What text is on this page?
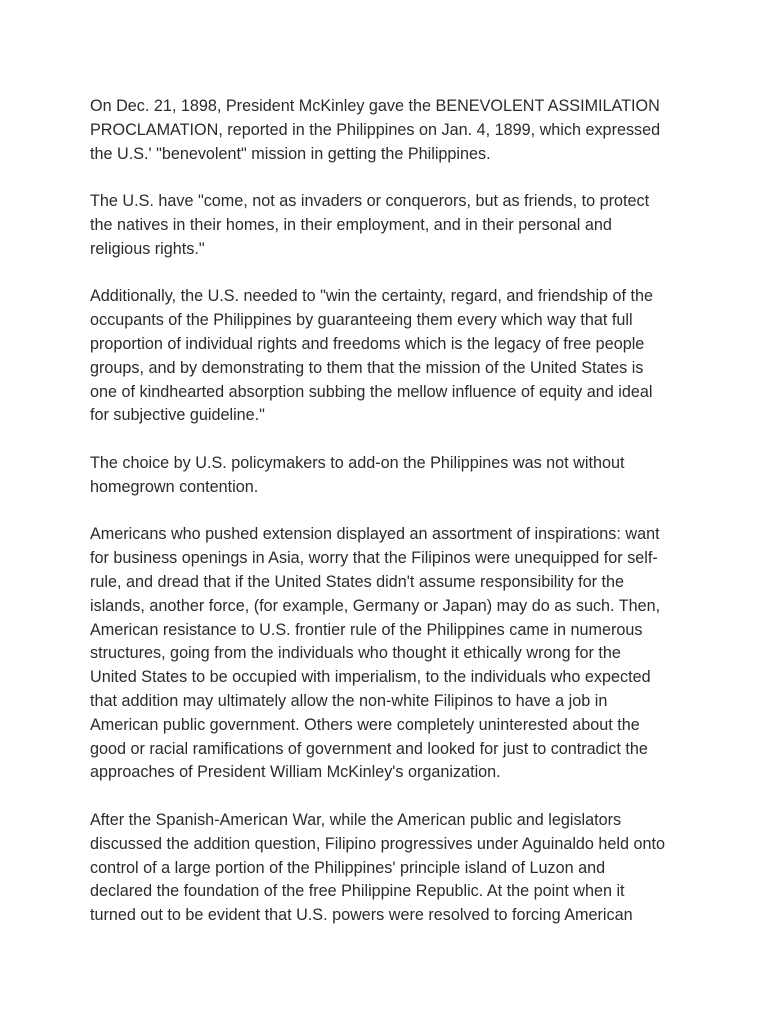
On Dec. 21, 1898, President McKinley gave the BENEVOLENT ASSIMILATION
PROCLAMATION, reported in the Philippines on Jan. 4, 1899, which expressed
the U.S.' "benevolent" mission in getting the Philippines.

The U.S. have "come, not as invaders or conquerors, but as friends, to protect
the natives in their homes, in their employment, and in their personal and
religious rights."

Additionally, the U.S. needed to "win the certainty, regard, and friendship of the
occupants of the Philippines by guaranteeing them every which way that full
proportion of individual rights and freedoms which is the legacy of free people
groups, and by demonstrating to them that the mission of the United States is
one of kindhearted absorption subbing the mellow influence of equity and ideal
for subjective guideline."

The choice by U.S. policymakers to add-on the Philippines was not without
homegrown contention.

Americans who pushed extension displayed an assortment of inspirations: want
for business openings in Asia, worry that the Filipinos were unequipped for self-
rule, and dread that if the United States didn't assume responsibility for the
islands, another force, (for example, Germany or Japan) may do as such. Then,
American resistance to U.S. frontier rule of the Philippines came in numerous
structures, going from the individuals who thought it ethically wrong for the
United States to be occupied with imperialism, to the individuals who expected
that addition may ultimately allow the non-white Filipinos to have a job in
American public government. Others were completely uninterested about the
good or racial ramifications of government and looked for just to contradict the
approaches of President William McKinley's organization.

After the Spanish-American War, while the American public and legislators
discussed the addition question, Filipino progressives under Aguinaldo held onto
control of a large portion of the Philippines' principle island of Luzon and
declared the foundation of the free Philippine Republic. At the point when it
turned out to be evident that U.S. powers were resolved to forcing American
